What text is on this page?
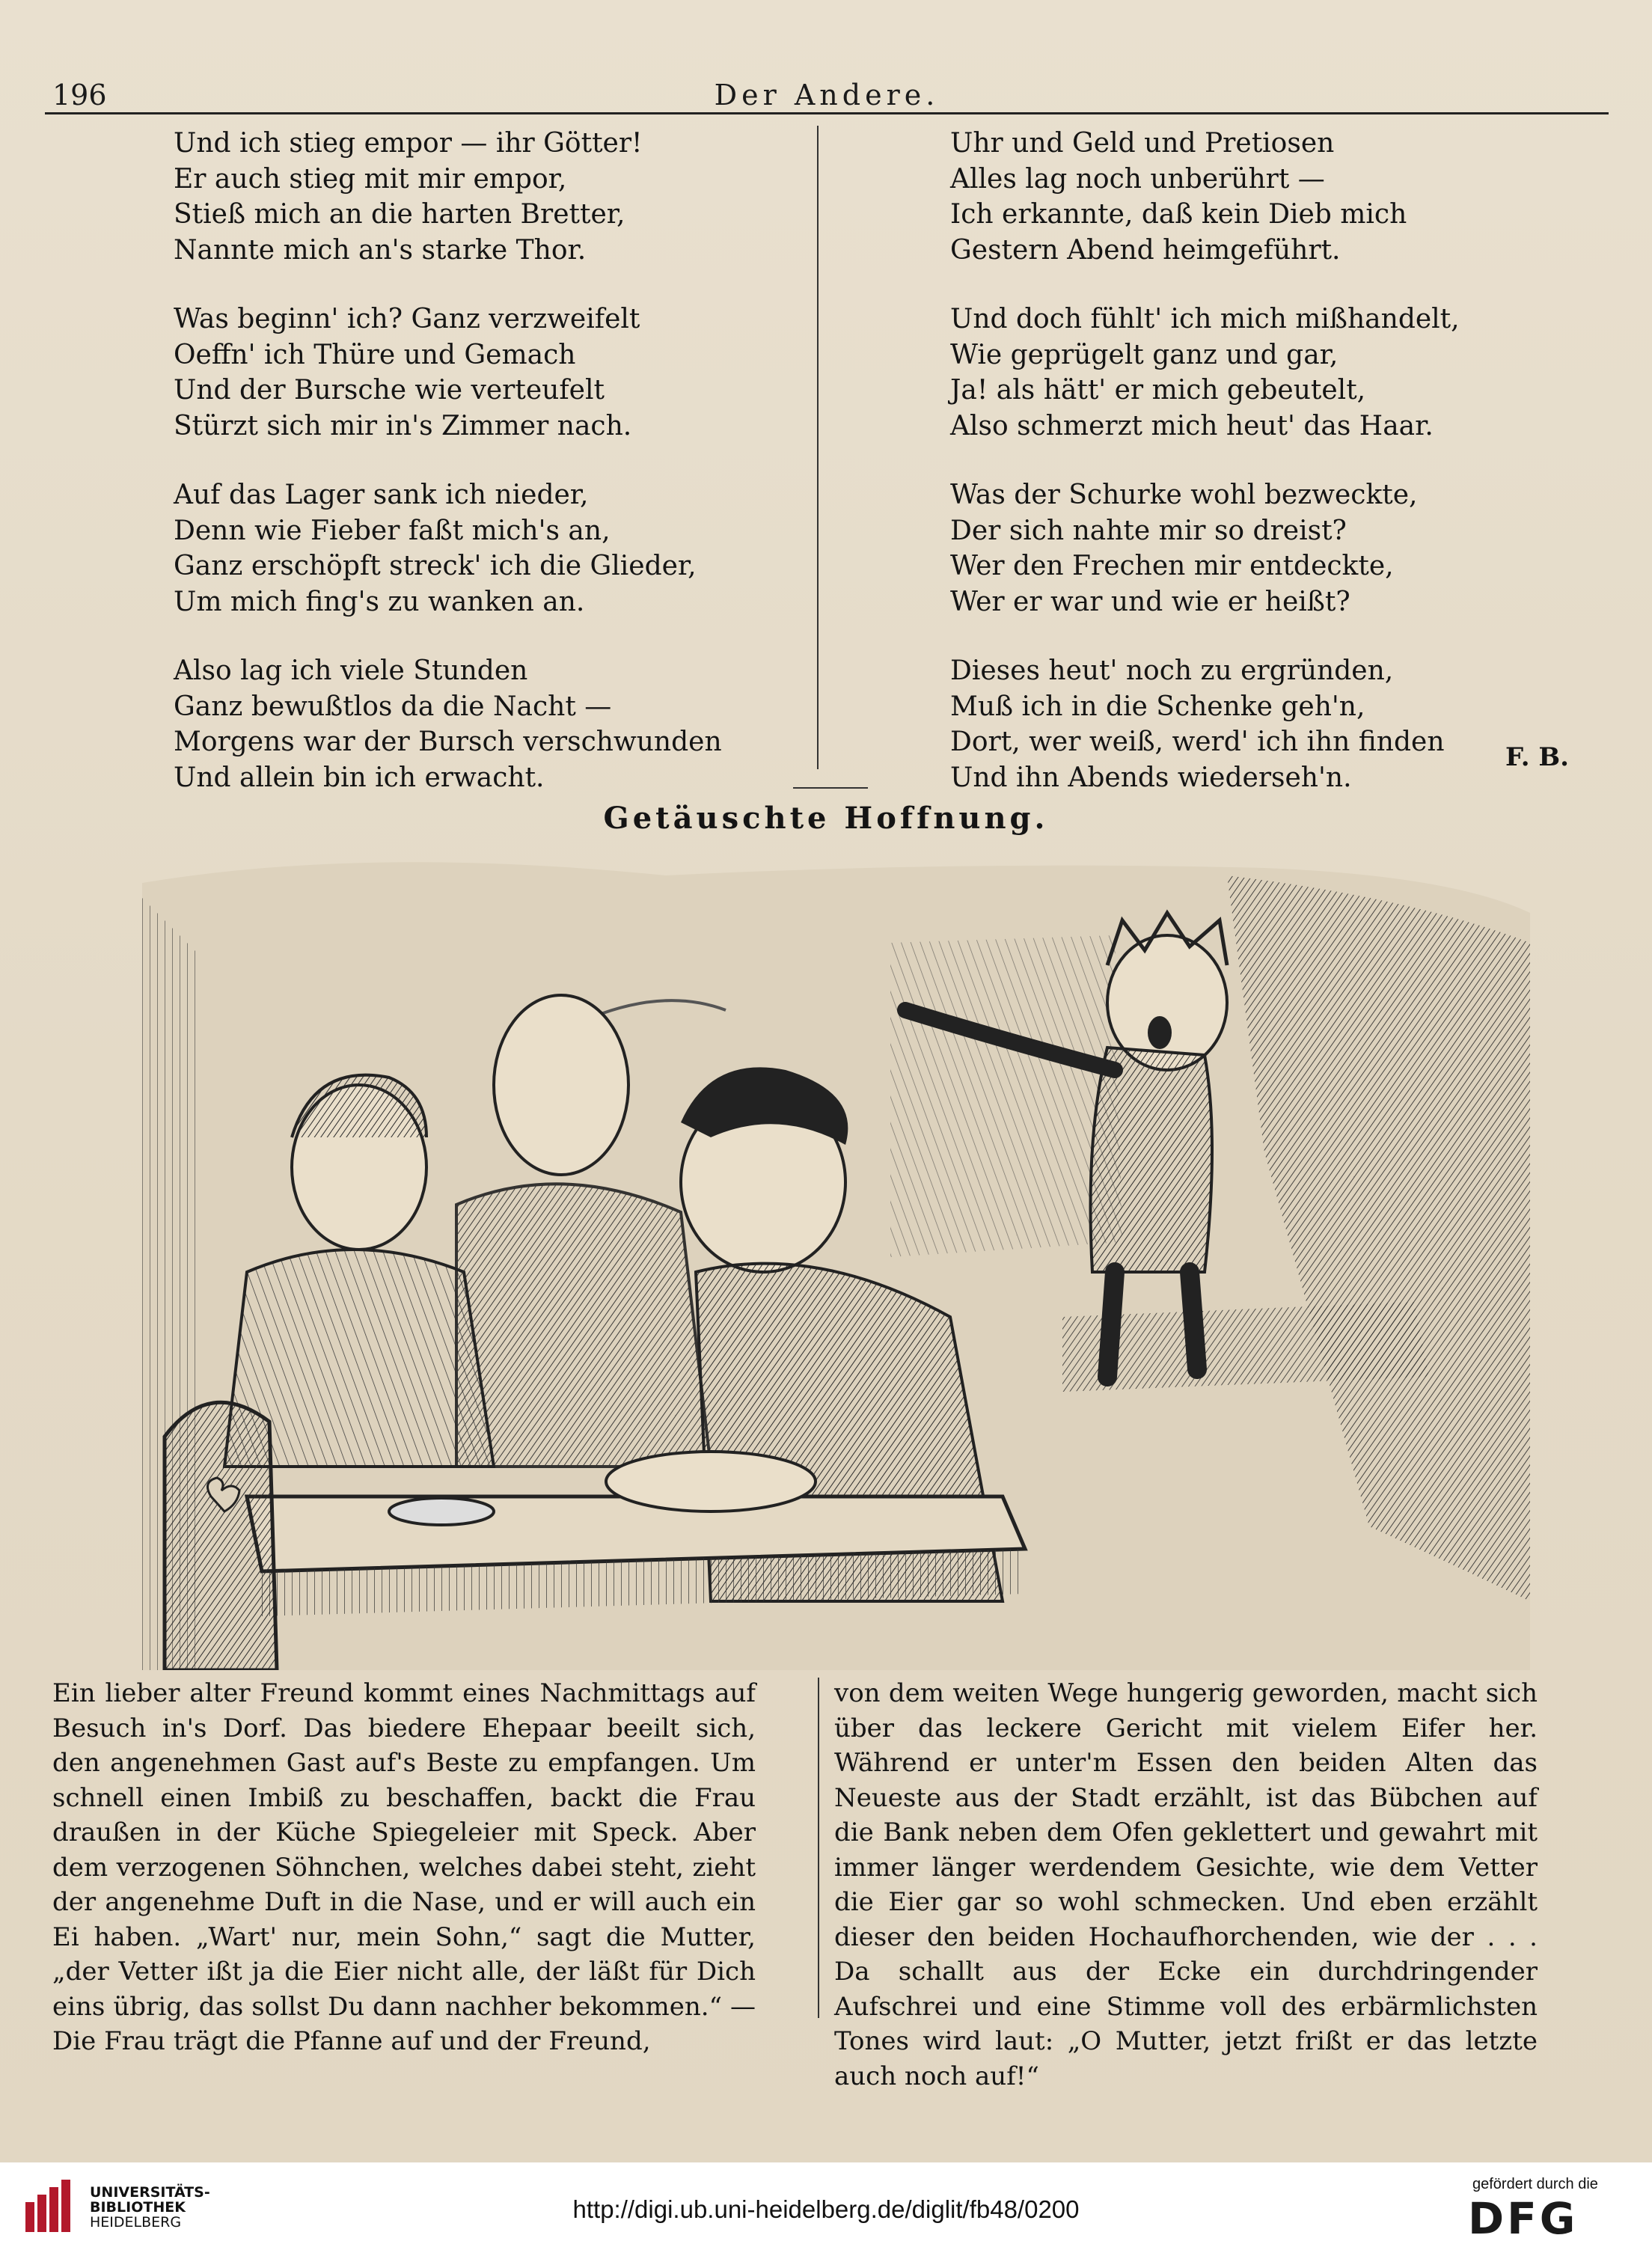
196	Der Andere.
Und ich stieg empor — ihr Götter!
Er auch stieg mit mir empor,
Stieß mich an die harten Bretter,
Nannte mich an's starke Thor.
Was beginn' ich? Ganz verzweifelt
Oeffn' ich Thüre und Gemach
Und der Bursche wie verteufelt
Stürzt sich mir in's Zimmer nach.
Auf das Lager sank ich nieder,
Denn wie Fieber faßt mich's an,
Ganz erschöpft streck' ich die Glieder,
Um mich fing's zu wanken an.
Also lag ich viele Stunden
Ganz bewußtlos da die Nacht —
Morgens war der Bursch verschwunden
Und allein bin ich erwacht.
Uhr und Geld und Pretiosen
Alles lag noch unberührt —
Ich erkannte, daß kein Dieb mich
Gestern Abend heimgeführt.
Und doch fühlt' ich mich mißhandelt,
Wie geprügelt ganz und gar,
Ja! als hätt' er mich gebeutelt,
Also schmerzt mich heut' das Haar.
Was der Schurke wohl bezweckte,
Der sich nahte mir so dreist?
Wer den Frechen mir entdeckte,
Wer er war und wie er heißt?
Dieses heut' noch zu ergründen,
Muß ich in die Schenke geh'n,
Dort, wer weiß, werd' ich ihn finden
Und ihn Abends wiederseh'n.
F. B.
Getäuschte Hoffnung.
Ein lieber alter Freund kommt eines Nachmittags auf Besuch in's Dorf. Das biedere Ehepaar beeilt sich, den angenehmen Gast auf's Beste zu empfangen. Um schnell einen Imbiß zu beschaffen, backt die Frau draußen in der Küche Spiegeleier mit Speck. Aber dem verzogenen Söhnchen, welches dabei steht, zieht der angenehme Duft in die Nase, und er will auch ein Ei haben. „Wart' nur, mein Sohn,“ sagt die Mutter, „der Vetter ißt ja die Eier nicht alle, der läßt für Dich eins übrig, das sollst Du dann nachher bekommen.“ — Die Frau trägt die Pfanne auf und der Freund,
von dem weiten Wege hungerig geworden, macht sich über das leckere Gericht mit vielem Eifer her. Während er unter'm Essen den beiden Alten das Neueste aus der Stadt erzählt, ist das Bübchen auf die Bank neben dem Ofen geklettert und gewahrt mit immer länger werdendem Gesichte, wie dem Vetter die Eier gar so wohl schmecken. Und eben erzählt dieser den beiden Hochaufhorchenden, wie der . . . Da schallt aus der Ecke ein durchdringender Aufschrei und eine Stimme voll des erbärmlichsten Tones wird laut: „O Mutter, jetzt frißt er das letzte auch noch auf!“
UNIVERSITÄTS-
BIBLIOTHEK
HEIDELBERG	http://digi.ub.uni-heidelberg.de/diglit/fb48/0200
gefördert durch die
DFG
